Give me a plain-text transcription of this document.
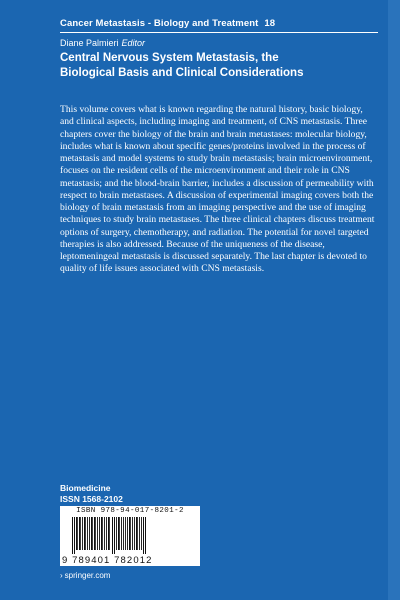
Cancer Metastasis - Biology and Treatment 18
Diane Palmieri Editor
Central Nervous System Metastasis, the
Biological Basis and Clinical Considerations
This volume covers what is known regarding the natural history, basic biology, and clinical aspects, including imaging and treatment, of CNS metastasis. Three chapters cover the biology of the brain and brain metastases: molecular biology, includes what is known about specific genes/proteins involved in the process of metastasis and model systems to study brain metastasis; brain microenvironment, focuses on the resident cells of the microenvironment and their role in CNS metastasis; and the blood-brain barrier, includes a discussion of permeability with respect to brain metastases. A discussion of experimental imaging covers both the biology of brain metastasis from an imaging perspective and the use of imaging techniques to study brain metastases. The three clinical chapters discuss treatment options of surgery, chemotherapy, and radiation. The potential for novel targeted therapies is also addressed. Because of the uniqueness of the disease, leptomeningeal metastasis is discussed separately. The last chapter is devoted to quality of life issues associated with CNS metastasis.
Biomedicine
ISSN 1568-2102
ISBN 978-94-017-8201-2
9 789401 782012
› springer.com
